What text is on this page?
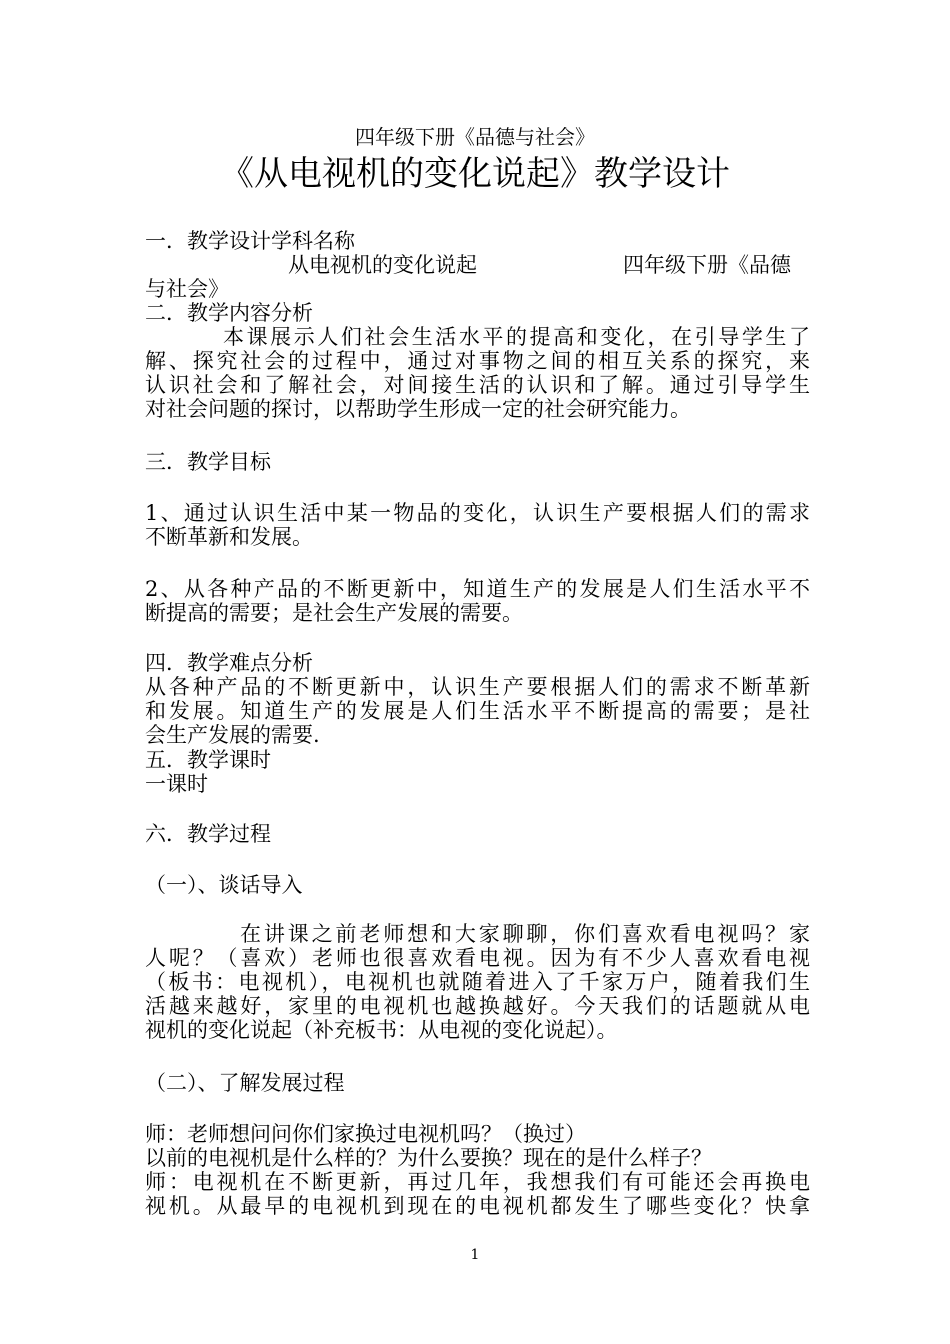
四年级下册《品德与社会》
《从电视机的变化说起》教学设计
一．教学设计学科名称
从电视机的变化说起	四年级下册《品德
与社会》
二．教学内容分析
本课展示人们社会生活水平的提高和变化，在引导学生了
解、探究社会的过程中，通过对事物之间的相互关系的探究，来
认识社会和了解社会，对间接生活的认识和了解。通过引导学生
对社会问题的探讨，以帮助学生形成一定的社会研究能力。
三．教学目标
1、通过认识生活中某一物品的变化，认识生产要根据人们的需求
不断革新和发展。
2、从各种产品的不断更新中，知道生产的发展是人们生活水平不
断提高的需要；是社会生产发展的需要。
四．教学难点分析
从各种产品的不断更新中，认识生产要根据人们的需求不断革新
和发展。知道生产的发展是人们生活水平不断提高的需要；是社
会生产发展的需要.
五．教学课时
一课时
六．教学过程
（一）、谈话导入
在讲课之前老师想和大家聊聊，你们喜欢看电视吗？家
人呢？（喜欢）老师也很喜欢看电视。因为有不少人喜欢看电视
（板书：电视机），电视机也就随着进入了千家万户，随着我们生
活越来越好，家里的电视机也越换越好。今天我们的话题就从电
视机的变化说起（补充板书：从电视的变化说起）。
（二）、了解发展过程
师：老师想问问你们家换过电视机吗？（换过）
以前的电视机是什么样的？为什么要换？现在的是什么样子？
师：电视机在不断更新，再过几年，我想我们有可能还会再换电
视机。从最早的电视机到现在的电视机都发生了哪些变化？快拿
1
